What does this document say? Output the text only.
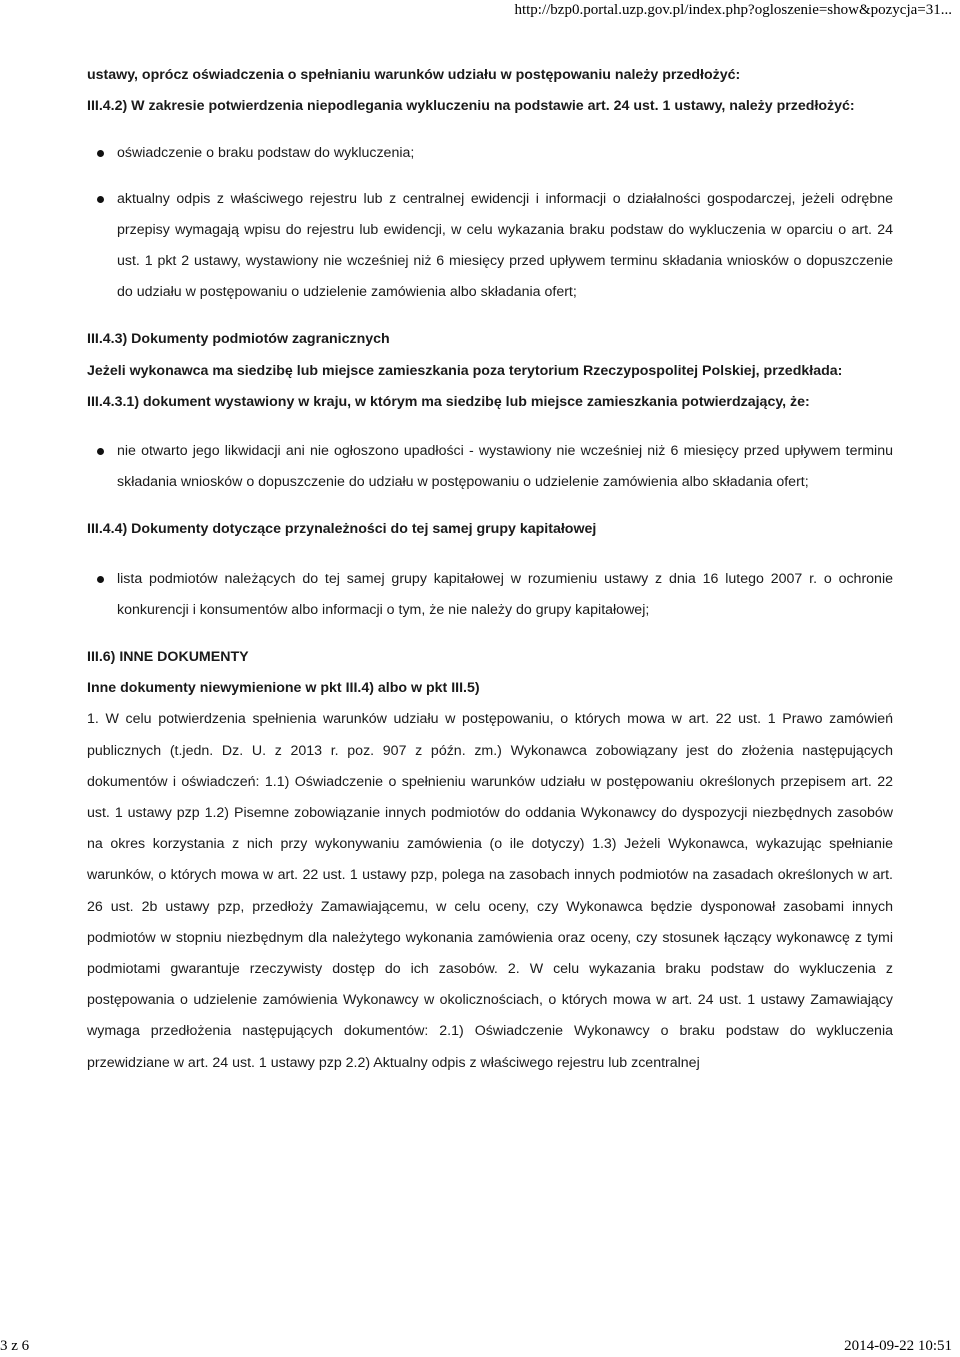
http://bzp0.portal.uzp.gov.pl/index.php?ogloszenie=show&pozycja=31...

ustawy, oprócz oświadczenia o spełnianiu warunków udziału w postępowaniu należy przedłożyć:

III.4.2) W zakresie potwierdzenia niepodlegania wykluczeniu na podstawie art. 24 ust. 1 ustawy, należy przedłożyć:

oświadczenie o braku podstaw do wykluczenia;
aktualny odpis z właściwego rejestru lub z centralnej ewidencji i informacji o działalności gospodarczej, jeżeli odrębne przepisy wymagają wpisu do rejestru lub ewidencji, w celu wykazania braku podstaw do wykluczenia w oparciu o art. 24 ust. 1 pkt 2 ustawy, wystawiony nie wcześniej niż 6 miesięcy przed upływem terminu składania wniosków o dopuszczenie do udziału w postępowaniu o udzielenie zamówienia albo składania ofert;

III.4.3) Dokumenty podmiotów zagranicznych

Jeżeli wykonawca ma siedzibę lub miejsce zamieszkania poza terytorium Rzeczypospolitej Polskiej, przedkłada:

III.4.3.1) dokument wystawiony w kraju, w którym ma siedzibę lub miejsce zamieszkania potwierdzający, że:

nie otwarto jego likwidacji ani nie ogłoszono upadłości - wystawiony nie wcześniej niż 6 miesięcy przed upływem terminu składania wniosków o dopuszczenie do udziału w postępowaniu o udzielenie zamówienia albo składania ofert;

III.4.4) Dokumenty dotyczące przynależności do tej samej grupy kapitałowej

lista podmiotów należących do tej samej grupy kapitałowej w rozumieniu ustawy z dnia 16 lutego 2007 r. o ochronie konkurencji i konsumentów albo informacji o tym, że nie należy do grupy kapitałowej;

III.6) INNE DOKUMENTY

Inne dokumenty niewymienione w pkt III.4) albo w pkt III.5)

1. W celu potwierdzenia spełnienia warunków udziału w postępowaniu, o których mowa w art. 22 ust. 1 Prawo zamówień publicznych (t.jedn. Dz. U. z 2013 r. poz. 907 z późn. zm.) Wykonawca zobowiązany jest do złożenia następujących dokumentów i oświadczeń: 1.1) Oświadczenie o spełnieniu warunków udziału w postępowaniu określonych przepisem art. 22 ust. 1 ustawy pzp 1.2) Pisemne zobowiązanie innych podmiotów do oddania Wykonawcy do dyspozycji niezbędnych zasobów na okres korzystania z nich przy wykonywaniu zamówienia (o ile dotyczy) 1.3) Jeżeli Wykonawca, wykazując spełnianie warunków, o których mowa w art. 22 ust. 1 ustawy pzp, polega na zasobach innych podmiotów na zasadach określonych w art. 26 ust. 2b ustawy pzp, przedłoży Zamawiającemu, w celu oceny, czy Wykonawca będzie dysponował zasobami innych podmiotów w stopniu niezbędnym dla należytego wykonania zamówienia oraz oceny, czy stosunek łączący wykonawcę z tymi podmiotami gwarantuje rzeczywisty dostęp do ich zasobów. 2. W celu wykazania braku podstaw do wykluczenia z postępowania o udzielenie zamówienia Wykonawcy w okolicznościach, o których mowa w art. 24 ust. 1 ustawy Zamawiający wymaga przedłożenia następujących dokumentów: 2.1) Oświadczenie Wykonawcy o braku podstaw do wykluczenia przewidziane w art. 24 ust. 1 ustawy pzp 2.2) Aktualny odpis z właściwego rejestru lub zcentralnej

3 z 6	2014-09-22 10:51
